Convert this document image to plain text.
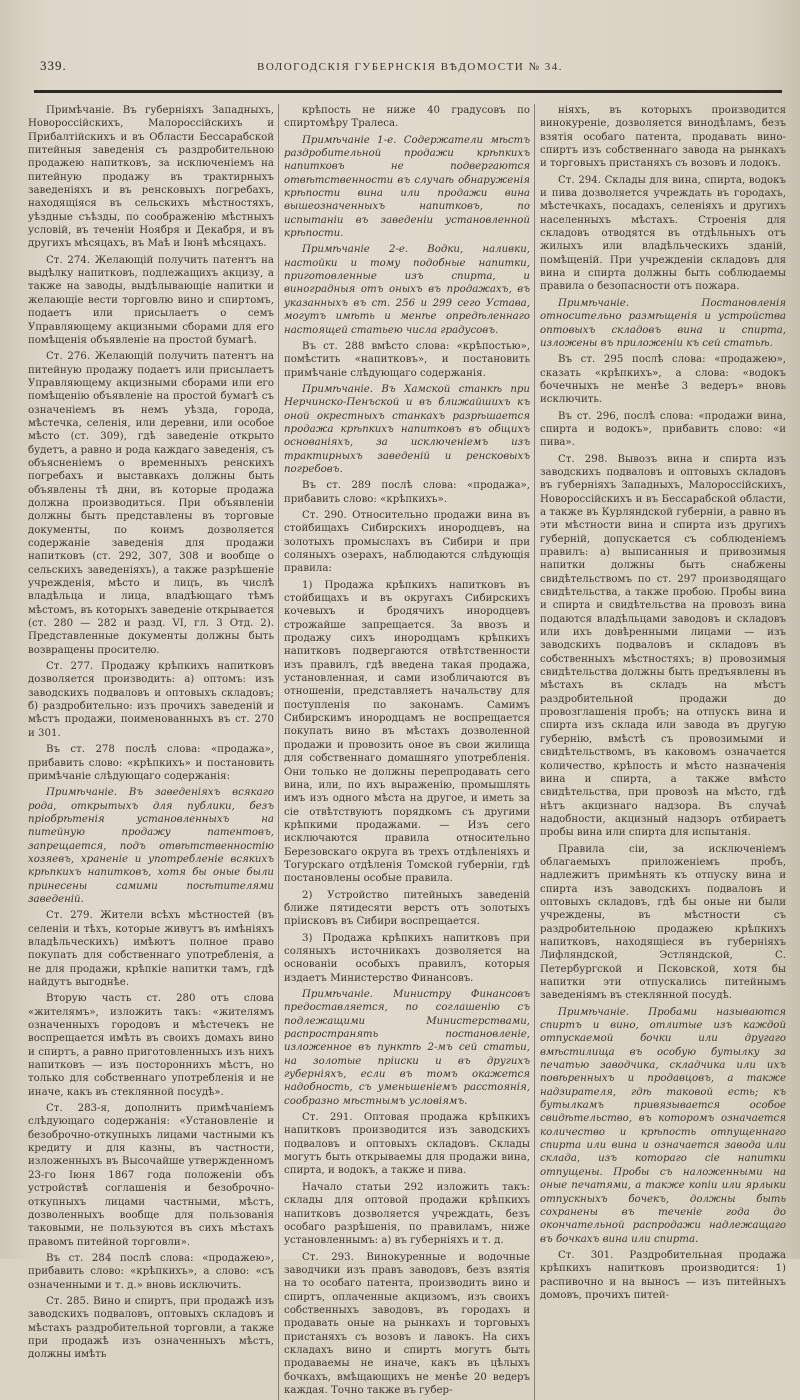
339.	ВОЛОГОДСКІЯ ГУБЕРНСКІЯ ВѢДОМОСТИ № 34.

Примѣчаніе. Въ губерніяхъ Западныхъ, Новороссійскихъ, Малороссійскихъ и Прибалтійскихъ и въ Области Бессарабской питейныя заведенія съ раздробительною продажею напитковъ, за исключеніемъ на питейную продажу въ трактирныхъ заведеніяхъ и въ ренсковыхъ погребахъ, находящіяся въ сельскихъ мѣстностяхъ, уѣздные съѣзды, по соображенію мѣстныхъ условій, въ теченіи Ноября и Декабря, и въ другихъ мѣсяцахъ, въ Маѣ и Іюнѣ мѣсяцахъ.

Ст. 274. Желающій получить патентъ на выдѣлку напитковъ, подлежащихъ акцизу, а также на заводы, выдѣлывающіе напитки и желающіе вести торговлю вино и спиртомъ, подаетъ или присылаетъ о семъ Управляющему акцизными сборами для его помѣщенія объявленіе на простой бумагѣ.

Ст. 276. Желающій получить патентъ на питейную продажу подаетъ или присылаетъ Управляющему акцизными сборами или его помѣщенію объявленіе на простой бумагѣ съ означеніемъ въ немъ уѣзда, города, мѣстечка, селенія, или деревни, или особое мѣсто (ст. 309), гдѣ заведеніе открыто будетъ, а равно и рода каждаго заведенія, съ объясненіемъ о временныхъ ренскихъ погребахъ и выставкахъ должны быть объявлены тѣ дни, въ которые продажа должна производиться. При объявленіи должны быть представлены въ торговые документы, по коимъ дозволяется содержаніе заведенія для продажи напитковъ (ст. 292, 307, 308 и вообще о сельскихъ заведеніяхъ), а также разрѣшеніе учрежденія, мѣсто и лицъ, въ числѣ владѣльца и лица, владѣющаго тѣмъ мѣстомъ, въ которыхъ заведеніе открывается (ст. 280 — 282 и разд. VI, гл. 3 Отд. 2). Представленные документы должны быть возвращены просителю.

Ст. 277. Продажу крѣпкихъ напитковъ дозволяется производить: а) оптомъ: изъ заводскихъ подваловъ и оптовыхъ складовъ; б) раздробительно: изъ прочихъ заведеній и мѣстъ продажи, поименованныхъ въ ст. 270 и 301.

Въ ст. 278 послѣ слова: «продажа», прибавить слово: «крѣпкихъ» и постановить примѣчаніе слѣдующаго содержанія:

Примѣчаніе. Въ заведеніяхъ всякаго рода, открытыхъ для публики, безъ пріобрѣтенія установленныхъ на питейную продажу патентовъ, запрещается, подъ отвѣтственностію хозяевъ, храненіе и употребленіе всякихъ крѣпкихъ напитковъ, хотя бы оные были принесены самими посѣтителями заведеній.

Ст. 279. Жители всѣхъ мѣстностей (въ селеніи и тѣхъ, которые живутъ въ имѣніяхъ владѣльческихъ) имѣютъ полное право покупать для собственнаго употребленія, а не для продажи, крѣпкіе напитки тамъ, гдѣ найдутъ выгоднѣе.

Вторую часть ст. 280 отъ слова «жителямъ», изложить такъ: «жителямъ означенныхъ городовъ и мѣстечекъ не воспрещается имѣть въ своихъ домахъ вино и спиртъ, а равно приготовленныхъ изъ нихъ напитковъ — изъ постороннихъ мѣстъ, но только для собственнаго употребленія и не иначе, какъ въ стеклянной посудѣ».

Ст. 283-я, дополнить примѣчаніемъ слѣдующаго содержанія: «Установленіе и безоброчно-откупныхъ лицами частными къ кредиту и для казны, въ частности, изложенныхъ въ Высочайше утвержденномъ 23-го Іюня 1867 года положеніи объ устройствѣ соглашенія и безоброчно-откупныхъ лицами частными, мѣстъ, дозволенныхъ вообще для пользованія таковыми, не пользуются въ сихъ мѣстахъ правомъ питейной торговли».

Въ ст. 284 послѣ слова: «продажею», прибавить слово: «крѣпкихъ», а слово: «съ означенными и т. д.» вновь исключить.

Ст. 285. Вино и спиртъ, при продажѣ изъ заводскихъ подваловъ, оптовыхъ складовъ и мѣстахъ раздробительной торговли, а также при продажѣ изъ означенныхъ мѣстъ, должны имѣть

крѣпость не ниже 40 градусовъ по спиртомѣру Тралеса.

Примѣчаніе 1-е. Содержатели мѣстъ раздробительной продажи крѣпкихъ напитковъ не подвергаются отвѣтственности въ случаѣ обнаруженія крѣпости вина или продажи вина вышеозначенныхъ напитковъ, по испытаніи въ заведеніи установленной крѣпости.

Примѣчаніе 2-е. Водки, наливки, настойки и тому подобные напитки, приготовленные изъ спирта, и виноградныя отъ оныхъ въ продажахъ, въ указанныхъ въ ст. 256 и 299 сего Устава, могутъ имѣть и менѣе опредѣленнаго настоящей статьею числа градусовъ.

Въ ст. 288 вмѣсто слова: «крѣпостью», помѣстить «напитковъ», и постановить примѣчаніе слѣдующаго содержанія.

Примѣчаніе. Въ Хамской станкѣ при Нерчинско-Пенъской и въ ближайшихъ къ оной окрестныхъ станкахъ разрѣшается продажа крѣпкихъ напитковъ въ общихъ основаніяхъ, за исключеніемъ изъ трактирныхъ заведеній и ренсковыхъ погребовъ.

Въ ст. 289 послѣ слова: «продажа», прибавить слово: «крѣпкихъ».

Ст. 290. Относительно продажи вина въ стойбищахъ Сибирскихъ инородцевъ, на золотыхъ промыслахъ въ Сибири и при соляныхъ озерахъ, наблюдаются слѣдующія правила:

1) Продажа крѣпкихъ напитковъ въ стойбищахъ и въ округахъ Сибирскихъ кочевыхъ и бродячихъ инородцевъ строжайше запрещается. За ввозъ и продажу сихъ инородцамъ крѣпкихъ напитковъ подвергаются отвѣтственности изъ правилъ, гдѣ введена такая продажа, установленная, и сами изобличаются въ отношеніи, представляетъ начальству для поступленія по законамъ. Самимъ Сибирскимъ инородцамъ не воспрещается покупать вино въ мѣстахъ дозволенной продажи и провозить оное въ свои жилища для собственнаго домашняго употребленія. Они только не должны перепродавать сего вина, или, по ихъ выраженію, промышлять имъ изъ одного мѣста на другое, и иметь за сіе отвѣтствуютъ порядкомъ съ другими крѣпкими продажами. — Изъ сего исключаются правила относительно Березовскаго округа въ трехъ отдѣленіяхъ и Тогурскаго отдѣленія Томской губерніи, гдѣ постановлены особые правила.

2) Устройство питейныхъ заведеній ближе пятидесяти верстъ отъ золотыхъ пріисковъ въ Сибири воспрещается.

3) Продажа крѣпкихъ напитковъ при соляныхъ источникахъ дозволяется на основаніи особыхъ правилъ, которыя издаетъ Министерство Финансовъ.

Примѣчаніе. Министру Финансовъ предоставляется, по соглашенію съ подлежащими Министерствами, распространять постановленіе, изложенное въ пунктѣ 2-мъ сей статьи, на золотые пріиски и въ другихъ губерніяхъ, если въ томъ окажется надобность, съ уменьшеніемъ расстоянія, сообразно мѣстнымъ условіямъ.

Ст. 291. Оптовая продажа крѣпкихъ напитковъ производится изъ заводскихъ подваловъ и оптовыхъ складовъ. Склады могутъ быть открываемы для продажи вина, спирта, и водокъ, а также и пива.

Начало статьи 292 изложить такъ: склады для оптовой продажи крѣпкихъ напитковъ дозволяется учреждать, безъ особаго разрѣшенія, по правиламъ, ниже установленнымъ: а) въ губерніяхъ и т. д.

Ст. 293. Винокуренные и водочные заводчики изъ правъ заводовъ, безъ взятія на то особаго патента, производить вино и спиртъ, оплаченные акцизомъ, изъ своихъ собственныхъ заводовъ, въ городахъ и продавать оные на рынкахъ и торговыхъ пристаняхъ съ возовъ и лавокъ. На сихъ складахъ вино и спиртъ могутъ быть продаваемы не иначе, какъ въ цѣлыхъ бочкахъ, вмѣщающихъ не менѣе 20 ведеръ каждая. Точно также въ губер-

ніяхъ, въ которыхъ производится винокуреніе, дозволяется винодѣламъ, безъ взятія особаго патента, продавать вино-спиртъ изъ собственнаго завода на рынкахъ и торговыхъ пристаняхъ съ возовъ и лодокъ.

Ст. 294. Склады для вина, спирта, водокъ и пива дозволяется учреждать въ городахъ, мѣстечкахъ, посадахъ, селеніяхъ и другихъ населенныхъ мѣстахъ. Строенія для складовъ отводятся въ отдѣльныхъ отъ жилыхъ или владѣльческихъ зданій, помѣщеній. При учрежденіи складовъ для вина и спирта должны быть соблюдаемы правила о безопасности отъ пожара.

Примѣчаніе. Постановленія относительно размѣщенія и устройства оптовыхъ складовъ вина и спирта, изложены въ приложеніи къ сей статьѣ.

Въ ст. 295 послѣ слова: «продажею», сказать «крѣпкихъ», а слова: «водокъ бочечныхъ не менѣе 3 ведеръ» вновь исключить.

Въ ст. 296, послѣ слова: «продажи вина, спирта и водокъ», прибавить слово: «и пива».

Ст. 298. Вывозъ вина и спирта изъ заводскихъ подваловъ и оптовыхъ складовъ въ губерніяхъ Западныхъ, Малороссійскихъ, Новороссійскихъ и въ Бессарабской области, а также въ Курляндской губерніи, а равно въ эти мѣстности вина и спирта изъ другихъ губерній, допускается съ соблюденіемъ правилъ: а) выписанныя и привозимыя напитки должны быть снабжены свидѣтельствомъ по ст. 297 производящаго свидѣтельства, а также пробою. Пробы вина и спирта и свидѣтельства на провозъ вина подаются владѣльцами заводовъ и складовъ или ихъ довѣренными лицами — изъ заводскихъ подваловъ и складовъ въ собственныхъ мѣстностяхъ; в) провозимыя свидѣтельства должны быть предъявлены въ мѣстахъ въ складъ на мѣстъ раздробительной продажи до провозглашенія пробъ; на отпускъ вина и спирта изъ склада или завода въ другую губернію, вмѣстѣ съ провозимыми и свидѣтельствомъ, въ каковомъ означается количество, крѣпость и мѣсто назначенія вина и спирта, а также вмѣсто свидѣтельства, при провозѣ на мѣсто, гдѣ нѣтъ акцизнаго надзора. Въ случаѣ надобности, акцизный надзоръ отбираетъ пробы вина или спирта для испытанія.

Правила сіи, за исключеніемъ облагаемыхъ приложеніемъ пробъ, надлежитъ примѣнять къ отпуску вина и спирта изъ заводскихъ подваловъ и оптовыхъ складовъ, гдѣ бы оные ни были учреждены, въ мѣстности съ раздробительною продажею крѣпкихъ напитковъ, находящіеся въ губерніяхъ Лифляндской, Эстляндской, С. Петербургской и Псковской, хотя бы напитки эти отпускались питейнымъ заведеніямъ въ стеклянной посудѣ.

Примѣчаніе. Пробами называются спиртъ и вино, отлитые изъ каждой отпускаемой бочки или другаго вмѣстилища въ особую бутылку за печатью заводчика, складчика или ихъ повѣренныхъ и продавцовъ, а также надзирателя, гдѣ таковой есть; къ бутылкамъ привязывается особое свидѣтельство, въ которомъ означается количество и крѣпость отпущеннаго спирта или вина и означается завода или склада, изъ котораго сіе напитки отпущены. Пробы съ наложенными на оные печатями, а также копіи или ярлыки отпускныхъ бочекъ, должны быть сохранены въ теченіе года до окончательной распродажи надлежащаго въ бочкахъ вина или спирта.

Ст. 301. Раздробительная продажа крѣпкихъ напитковъ производится: 1) распивочно и на выносъ — изъ питейныхъ домовъ, прочихъ питей-
